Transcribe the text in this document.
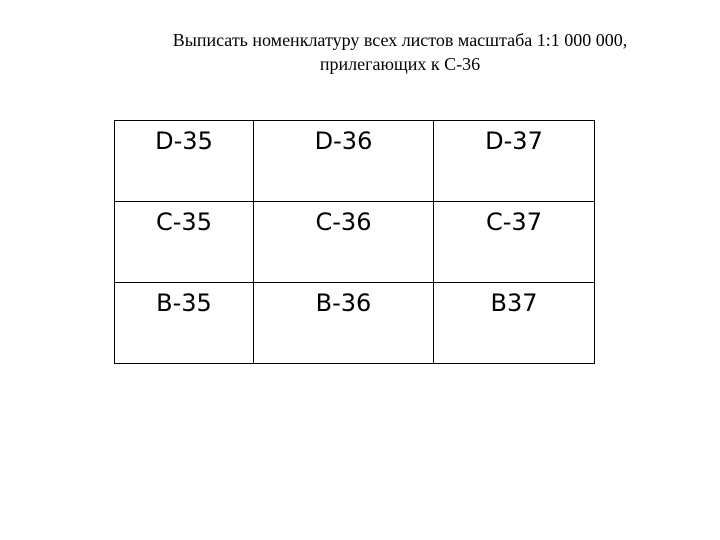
Выписать номенклатуру всех листов масштаба 1:1 000 000,
прилегающих к С-36
D-35	D-36	D-37
C-35	C-36	C-37
B-35	B-36	B37
